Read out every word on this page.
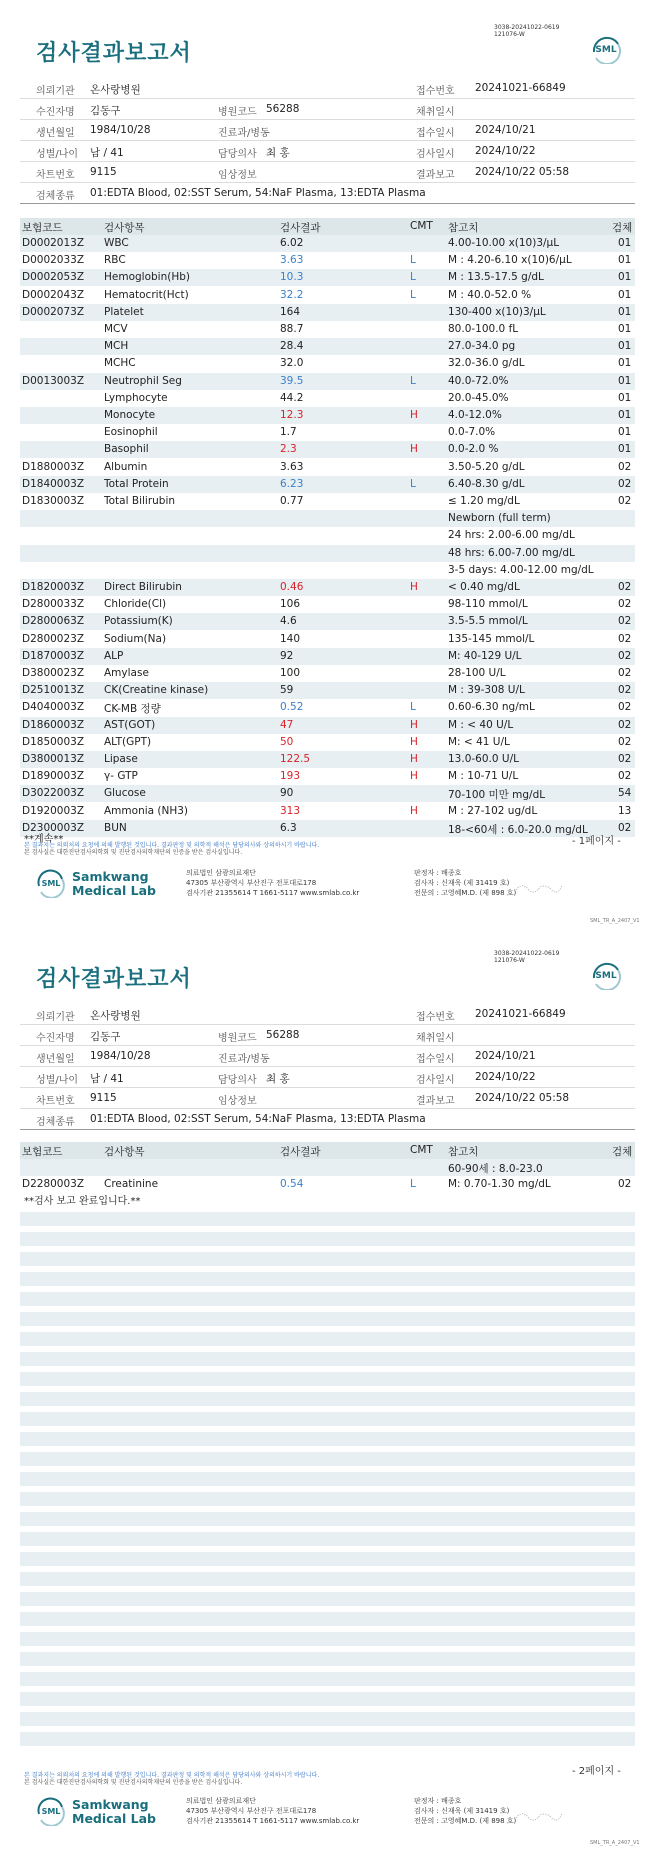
검사결과보고서
3038-20241022-0619
121076-W
SML
의뢰기관 온사랑병원	접수번호 20241021-66849
수진자명 김동구	병원코드 56288	채취일시
생년월일 1984/10/28	진료과/병동	접수일시 2024/10/21
성별/나이 남 / 41	담당의사 최 홍	검사일시 2024/10/22
차트번호 9115	임상정보	결과보고 2024/10/22 05:58
검체종류 01:EDTA Blood, 02:SST Serum, 54:NaF Plasma, 13:EDTA Plasma
보험코드	검사항목	검사결과	CMT 참고치	검체
D0002013Z WBC	6.02	4.00-10.00 x(10)3/μL	01
D0002033Z RBC	3.63	L	M : 4.20-6.10 x(10)6/μL	01
D0002053Z Hemoglobin(Hb)	10.3	L	M : 13.5-17.5 g/dL	01
D0002043Z Hematocrit(Hct)	32.2	L	M : 40.0-52.0 %	01
D0002073Z Platelet	164	130-400 x(10)3/μL	01
MCV	88.7	80.0-100.0 fL	01
MCH	28.4	27.0-34.0 pg	01
MCHC	32.0	32.0-36.0 g/dL	01
D0013003Z Neutrophil Seg	39.5	L	40.0-72.0%	01
Lymphocyte	44.2	20.0-45.0%	01
Monocyte	12.3	H	4.0-12.0%	01
Eosinophil	1.7	0.0-7.0%	01
Basophil	2.3	H	0.0-2.0 %	01
D1880003Z Albumin	3.63	3.50-5.20 g/dL	02
D1840003Z Total Protein	6.23	L	6.40-8.30 g/dL	02
D1830003Z Total Bilirubin	0.77	≤ 1.20 mg/dL	02
Newborn (full term)
24 hrs: 2.00-6.00 mg/dL
48 hrs: 6.00-7.00 mg/dL
3-5 days: 4.00-12.00 mg/dL
D1820003Z Direct Bilirubin	0.46	H	< 0.40 mg/dL	02
D2800033Z Chloride(Cl)	106	98-110 mmol/L	02
D2800063Z Potassium(K)	4.6	3.5-5.5 mmol/L	02
D2800023Z Sodium(Na)	140	135-145 mmol/L	02
D1870003Z ALP	92	M: 40-129 U/L	02
D3800023Z Amylase	100	28-100 U/L	02
D2510013Z CK(Creatine kinase)	59	M : 39-308 U/L	02
D4040003Z CK-MB 정량	0.52	L	0.60-6.30 ng/mL	02
D1860003Z AST(GOT)	47	H	M : < 40 U/L	02
D1850003Z ALT(GPT)	50	H	M: < 41 U/L	02
D3800013Z Lipase	122.5	H	13.0-60.0 U/L	02
D1890003Z γ- GTP	193	H	M : 10-71 U/L	02
D3022003Z Glucose	90	70-100 미만 mg/dL	54
D1920003Z Ammonia (NH3)	313	H	M : 27-102 ug/dL	13
D2300003Z BUN	6.3	18-<60세 : 6.0-20.0 mg/dL	02
**계속**	- 1페이지 -
본 결과지는 의뢰처의 요청에 의해 발행된 것입니다. 결과판정 및 의학적 해석은 담당의사와 상의하시기 바랍니다.
본 검사실은 대한진단검사의학회 및 진단검사의학재단의 인증을 받은 검사실입니다.
SML Samkwang
Medical Lab
의료법인 삼광의료재단
47305 부산광역시 부산진구 전포대로178
검사기관 21355614 T 1661-5117 www.smlab.co.kr
판정자 : 배종호
검사자 : 신재욱 (제 31419 호)
전문의 : 고영혜M.D. (제 898 호)
SML_TR_A_2407_V1
검사결과보고서
3038-20241022-0619
121076-W
SML
의뢰기관 온사랑병원	접수번호 20241021-66849
수진자명 김동구	병원코드 56288	채취일시
생년월일 1984/10/28	진료과/병동	접수일시 2024/10/21
성별/나이 남 / 41	담당의사 최 홍	검사일시 2024/10/22
차트번호 9115	임상정보	결과보고 2024/10/22 05:58
검체종류 01:EDTA Blood, 02:SST Serum, 54:NaF Plasma, 13:EDTA Plasma
보험코드	검사항목	검사결과	CMT 참고치	검체
60-90세 : 8.0-23.0
D2280003Z Creatinine	0.54	L	M: 0.70-1.30 mg/dL	02
**검사 보고 완료입니다.**
- 2페이지 -
본 결과지는 의뢰처의 요청에 의해 발행된 것입니다. 결과판정 및 의학적 해석은 담당의사와 상의하시기 바랍니다.
본 검사실은 대한진단검사의학회 및 진단검사의학재단의 인증을 받은 검사실입니다.
SML Samkwang
Medical Lab
의료법인 삼광의료재단
47305 부산광역시 부산진구 전포대로178
검사기관 21355614 T 1661-5117 www.smlab.co.kr
판정자 : 배종호
검사자 : 신재욱 (제 31419 호)
전문의 : 고영혜M.D. (제 898 호)
SML_TR_A_2407_V1
